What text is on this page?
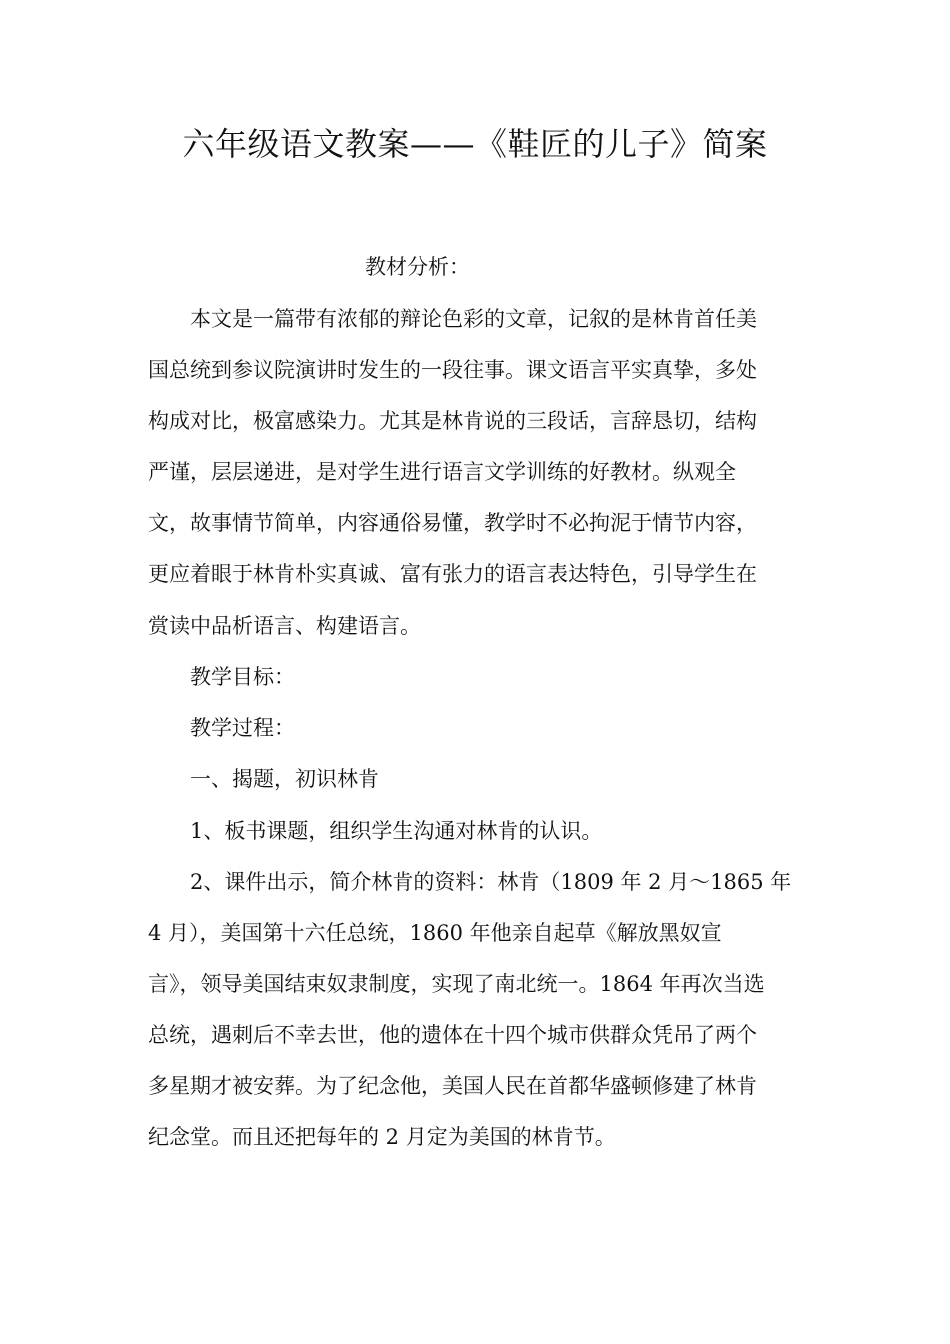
六年级语文教案——《鞋匠的儿子》简案
教材分析：
本文是一篇带有浓郁的辩论色彩的文章，记叙的是林肯首任美
国总统到参议院演讲时发生的一段往事。课文语言平实真挚，多处
构成对比，极富感染力。尤其是林肯说的三段话，言辞恳切，结构
严谨，层层递进，是对学生进行语言文学训练的好教材。纵观全
文，故事情节简单，内容通俗易懂，教学时不必拘泥于情节内容，
更应着眼于林肯朴实真诚、富有张力的语言表达特色，引导学生在
赏读中品析语言、构建语言。
教学目标：
教学过程：
一、揭题，初识林肯
1、板书课题，组织学生沟通对林肯的认识。
2、课件出示，简介林肯的资料：林肯（1809 年 2 月～1865 年
4 月），美国第十六任总统，1860 年他亲自起草《解放黑奴宣
言》，领导美国结束奴隶制度，实现了南北统一。1864 年再次当选
总统，遇刺后不幸去世，他的遗体在十四个城市供群众凭吊了两个
多星期才被安葬。为了纪念他，美国人民在首都华盛顿修建了林肯
纪念堂。而且还把每年的 2 月定为美国的林肯节。
